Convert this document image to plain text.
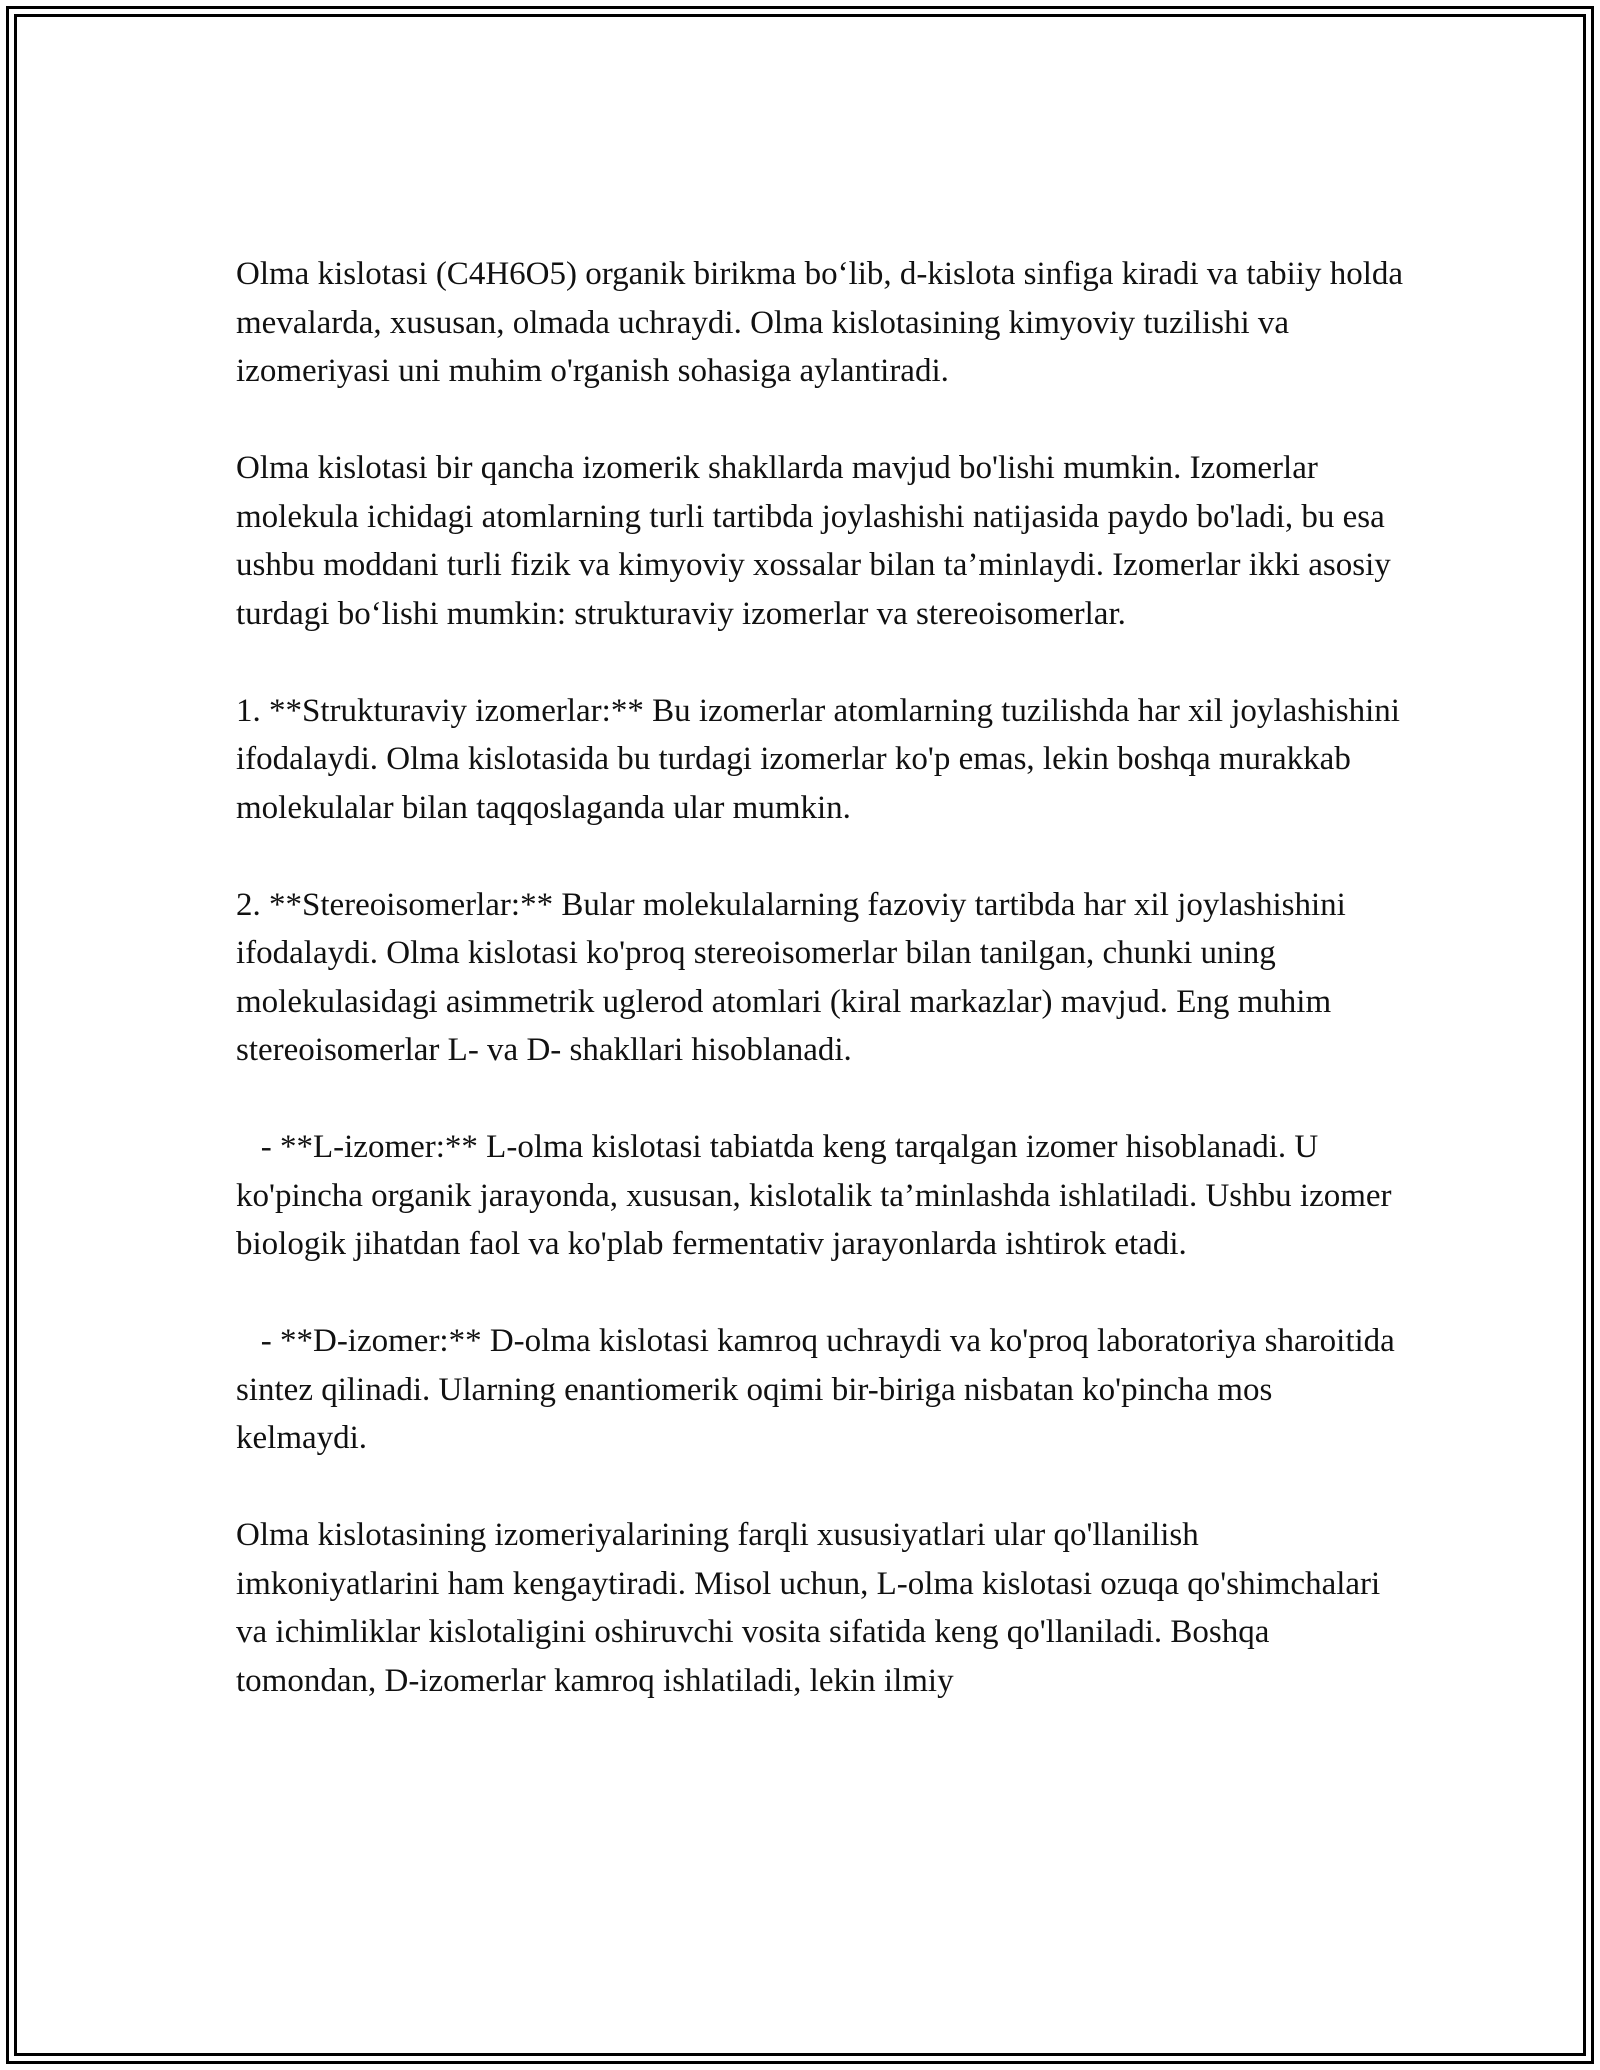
Olma kislotasi (C4H6O5) organik birikma bo‘lib, d-kislota sinfiga kiradi va tabiiy holda mevalarda, xususan, olmada uchraydi. Olma kislotasining kimyoviy tuzilishi va izomeriyasi uni muhim o'rganish sohasiga aylantiradi.

Olma kislotasi bir qancha izomerik shakllarda mavjud bo'lishi mumkin. Izomerlar molekula ichidagi atomlarning turli tartibda joylashishi natijasida paydo bo'ladi, bu esa ushbu moddani turli fizik va kimyoviy xossalar bilan ta’minlaydi. Izomerlar ikki asosiy turdagi bo‘lishi mumkin: strukturaviy izomerlar va stereoisomerlar.

1. **Strukturaviy izomerlar:** Bu izomerlar atomlarning tuzilishda har xil joylashishini ifodalaydi. Olma kislotasida bu turdagi izomerlar ko'p emas, lekin boshqa murakkab molekulalar bilan taqqoslaganda ular mumkin.

2. **Stereoisomerlar:** Bular molekulalarning fazoviy tartibda har xil joylashishini ifodalaydi. Olma kislotasi ko'proq stereoisomerlar bilan tanilgan, chunki uning molekulasidagi asimmetrik uglerod atomlari (kiral markazlar) mavjud. Eng muhim stereoisomerlar L- va D- shakllari hisoblanadi.

- **L-izomer:** L-olma kislotasi tabiatda keng tarqalgan izomer hisoblanadi. U ko'pincha organik jarayonda, xususan, kislotalik ta’minlashda ishlatiladi. Ushbu izomer biologik jihatdan faol va ko'plab fermentativ jarayonlarda ishtirok etadi.

- **D-izomer:** D-olma kislotasi kamroq uchraydi va ko'proq laboratoriya sharoitida sintez qilinadi. Ularning enantiomerik oqimi bir-biriga nisbatan ko'pincha mos kelmaydi.

Olma kislotasining izomeriyalarining farqli xususiyatlari ular qo'llanilish imkoniyatlarini ham kengaytiradi. Misol uchun, L-olma kislotasi ozuqa qo'shimchalari va ichimliklar kislotaligini oshiruvchi vosita sifatida keng qo'llaniladi. Boshqa tomondan, D-izomerlar kamroq ishlatiladi, lekin ilmiy
